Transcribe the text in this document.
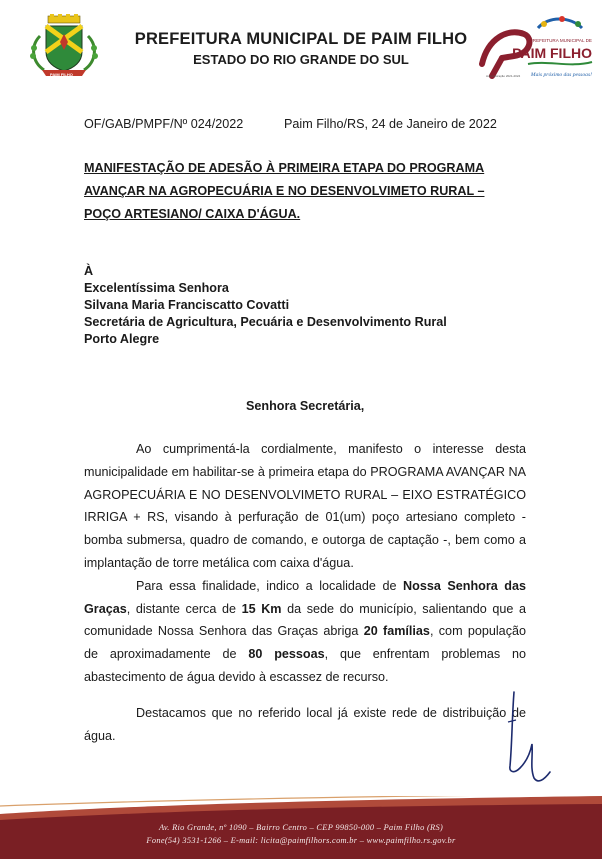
PAIM FILHO
PREFEITURA MUNICIPAL DE PAIM FILHO
ESTADO DO RIO GRANDE DO SUL
PREFEITURA MUNICIPAL DE
PAIM FILHO
Administração 2021-2024 Mais próximo das pessoas!
OF/GAB/PMPF/Nº 024/2022	Paim Filho/RS, 24 de Janeiro de 2022
MANIFESTAÇÃO DE ADESÃO À PRIMEIRA ETAPA DO PROGRAMA AVANÇAR NA AGROPECUÁRIA E NO DESENVOLVIMETO RURAL – POÇO ARTESIANO/ CAIXA D'ÁGUA.
À
Excelentíssima Senhora
Silvana Maria Franciscatto Covatti
Secretária de Agricultura, Pecuária e Desenvolvimento Rural
Porto Alegre
Senhora Secretária,

Ao cumprimentá-la cordialmente, manifesto o interesse desta municipalidade em habilitar-se à primeira etapa do PROGRAMA AVANÇAR NA AGROPECUÁRIA E NO DESENVOLVIMETO RURAL – EIXO ESTRATÉGICO IRRIGA + RS, visando à perfuração de 01(um) poço artesiano completo - bomba submersa, quadro de comando, e outorga de captação -, bem como a implantação de torre metálica com caixa d'água.

Para essa finalidade, indico a localidade de Nossa Senhora das Graças, distante cerca de 15 Km da sede do município, salientando que a comunidade Nossa Senhora das Graças abriga 20 famílias, com população de aproximadamente de 80 pessoas, que enfrentam problemas no abastecimento de água devido à escassez de recurso.

Destacamos que no referido local já existe rede de distribuição de água.

Av. Rio Grande, nº 1090 – Bairro Centro – CEP 99850-000 – Paim Filho (RS)
Fone(54) 3531-1266 – E-mail: licita@paimfilhors.com.br – www.paimfilho.rs.gov.br
